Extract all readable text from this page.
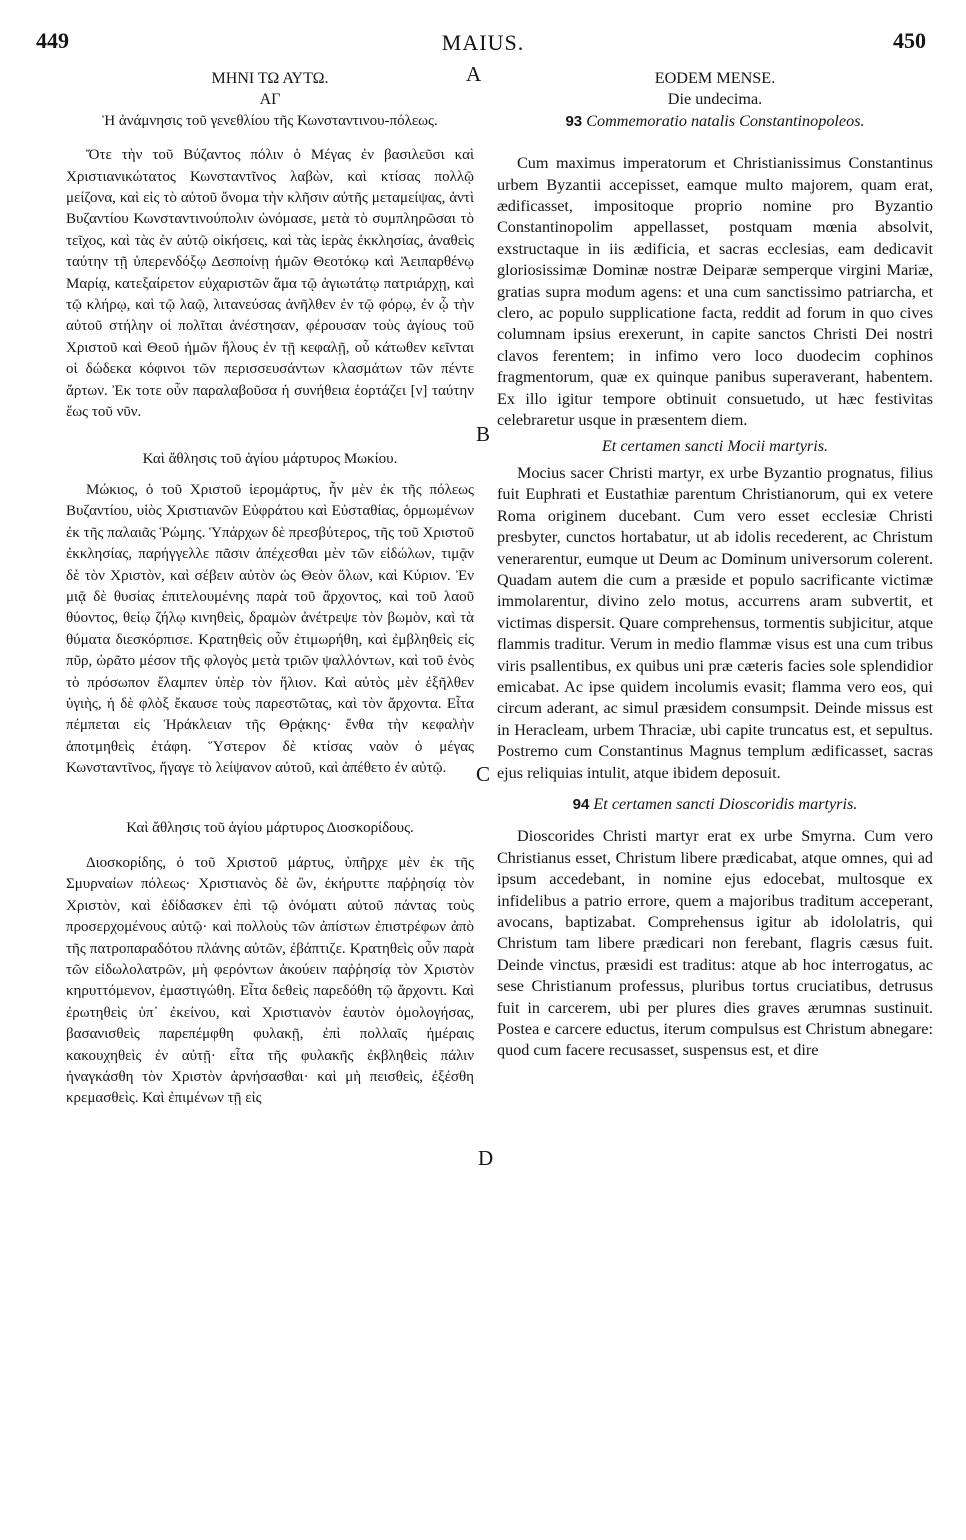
449	MAIUS.	450
A
B
C
D

ΜΗΝΙ ΤΩ ΑΥΤΩ.

ΑΓ

Ἡ ἀνάμνησις τοῦ γενεθλίου τῆς Κωνσταντινου-πόλεως.

Ὅτε τὴν τοῦ Βύζαντος πόλιν ὁ Μέγας ἐν βασιλεῦσι καὶ Χριστιανικώτατος Κωνσταντῖνος λαβὼν, καὶ κτίσας πολλῷ μείζονα, καὶ εἰς τὸ αὐτοῦ ὄνομα τὴν κλῆσιν αὐτῆς μεταμείψας, ἀντὶ Βυζαντίου Κωνσταντινούπολιν ὠνόμασε, μετὰ τὸ συμπληρῶσαι τὸ τεῖχος, καὶ τὰς ἐν αὐτῷ οἰκήσεις, καὶ τὰς ἱερὰς ἐκκλησίας, ἀναθεὶς ταύτην τῇ ὑπερενδόξῳ Δεσποίνῃ ἡμῶν Θεοτόκῳ καὶ Ἀειπαρθένῳ Μαρίᾳ, κατεξαίρετον εὐχαριστῶν ἅμα τῷ ἁγιωτάτῳ πατριάρχῃ, καὶ τῷ κλήρῳ, καὶ τῷ λαῷ, λιτανεύσας ἀνῆλθεν ἐν τῷ φόρῳ, ἐν ᾧ τὴν αὐτοῦ στήλην οἱ πολῖται ἀνέστησαν, φέρουσαν τοὺς ἁγίους τοῦ Χριστοῦ καὶ Θεοῦ ἡμῶν ἥλους ἐν τῇ κεφαλῇ, οὗ κάτωθεν κεῖνται οἱ δώδεκα κόφινοι τῶν περισσευσάντων κλασμάτων τῶν πέντε ἄρτων. Ἐκ τοτε οὖν παραλαβοῦσα ἡ συνήθεια ἑορτάζει [ν] ταύτην ἕως τοῦ νῦν.

Καὶ ἄθλησις τοῦ ἁγίου μάρτυρος Μωκίου.

Μώκιος, ὁ τοῦ Χριστοῦ ἱερομάρτυς, ἦν μὲν ἐκ τῆς πόλεως Βυζαντίου, υἱὸς Χριστιανῶν Εὐφράτου καὶ Εὐσταθίας, ὁρμωμένων ἐκ τῆς παλαιᾶς Ῥώμης. Ὑπάρχων δὲ πρεσβύτερος, τῆς τοῦ Χριστοῦ ἐκκλησίας, παρήγγελλε πᾶσιν ἀπέχεσθαι μὲν τῶν εἰδώλων, τιμᾷν δὲ τὸν Χριστὸν, καὶ σέβειν αὐτὸν ὡς Θεὸν ὅλων, καὶ Κύριον. Ἐν μιᾷ δὲ θυσίας ἐπιτελουμένης παρὰ τοῦ ἄρχοντος, καὶ τοῦ λαοῦ θύοντος, θείῳ ζήλῳ κινηθεὶς, δραμὼν ἀνέτρεψε τὸν βωμὸν, καὶ τὰ θύματα διεσκόρπισε. Κρατηθεὶς οὖν ἐτιμωρήθη, καὶ ἐμβληθεὶς εἰς πῦρ, ὡρᾶτο μέσον τῆς φλογὸς μετὰ τριῶν ψαλλόντων, καὶ τοῦ ἑνὸς τὸ πρόσωπον ἔλαμπεν ὑπὲρ τὸν ἥλιον. Καὶ αὐτὸς μὲν ἐξῆλθεν ὑγιὴς, ἡ δὲ φλὸξ ἔκαυσε τοὺς παρεστῶτας, καὶ τὸν ἄρχοντα. Εἶτα πέμπεται εἰς Ἡράκλειαν τῆς Θρᾴκης· ἔνθα τὴν κεφαλὴν ἀποτμηθεὶς ἐτάφη. Ὕστερον δὲ κτίσας ναὸν ὁ μέγας Κωνσταντῖνος, ἤγαγε τὸ λείψανον αὐτοῦ, καὶ ἀπέθετο ἐν αὐτῷ.

Καὶ ἄθλησις τοῦ ἁγίου μάρτυρος Διοσκορίδους.

Διοσκορίδης, ὁ τοῦ Χριστοῦ μάρτυς, ὑπῆρχε μὲν ἐκ τῆς Σμυρναίων πόλεως· Χριστιανὸς δὲ ὢν, ἐκήρυττε παῤῥησίᾳ τὸν Χριστὸν, καὶ ἐδίδασκεν ἐπὶ τῷ ὀνόματι αὐτοῦ πάντας τοὺς προσερχομένους αὐτῷ· καὶ πολλοὺς τῶν ἀπίστων ἐπιστρέφων ἀπὸ τῆς πατροπαραδότου πλάνης αὐτῶν, ἐβάπτιζε. Κρατηθεὶς οὖν παρὰ τῶν εἰδωλολατρῶν, μὴ φερόντων ἀκούειν παῤῥησίᾳ τὸν Χριστὸν κηρυττόμενον, ἐμαστιγώθη. Εἶτα δεθεὶς παρεδόθη τῷ ἄρχοντι. Καὶ ἐρωτηθεὶς ὑπ᾽ ἐκείνου, καὶ Χριστιανὸν ἑαυτὸν ὁμολογήσας, βασανισθεὶς παρεπέμφθη φυλακῇ, ἐπὶ πολλαῖς ἡμέραις κακουχηθεὶς ἐν αὐτῇ· εἶτα τῆς φυλακῆς ἐκβληθεὶς πάλιν ἠναγκάσθη τὸν Χριστὸν ἀρνήσασθαι· καὶ μὴ πεισθεὶς, ἐξέσθη κρεμασθεὶς. Καὶ ἐπιμένων τῇ εἰς

EODEM MENSE.

Die undecima.

93 Commemoratio natalis Constantinopoleos.

Cum maximus imperatorum et Christianissimus Constantinus urbem Byzantii accepisset, eamque multo majorem, quam erat, ædificasset, impositoque proprio nomine pro Byzantio Constantinopolim appellasset, postquam mœnia absolvit, exstructaque in iis ædificia, et sacras ecclesias, eam dedicavit gloriosissimæ Dominæ nostræ Deiparæ semperque virgini Mariæ, gratias supra modum agens: et una cum sanctissimo patriarcha, et clero, ac populo supplicatione facta, reddit ad forum in quo cives columnam ipsius erexerunt, in capite sanctos Christi Dei nostri clavos ferentem; in infimo vero loco duodecim cophinos fragmentorum, quæ ex quinque panibus superaverant, habentem. Ex illo igitur tempore obtinuit consuetudo, ut hæc festivitas celebraretur usque in præsentem diem.

Et certamen sancti Mocii martyris.

Mocius sacer Christi martyr, ex urbe Byzantio prognatus, filius fuit Euphrati et Eustathiæ parentum Christianorum, qui ex vetere Roma originem ducebant. Cum vero esset ecclesiæ Christi presbyter, cunctos hortabatur, ut ab idolis recederent, ac Christum venerarentur, eumque ut Deum ac Dominum universorum colerent. Quadam autem die cum a præside et populo sacrificante victimæ immolarentur, divino zelo motus, accurrens aram subvertit, et victimas dispersit. Quare comprehensus, tormentis subjicitur, atque flammis traditur. Verum in medio flammæ visus est una cum tribus viris psallentibus, ex quibus uni præ cæteris facies sole splendidior emicabat. Ac ipse quidem incolumis evasit; flamma vero eos, qui circum aderant, ac simul præsidem consumpsit. Deinde missus est in Heracleam, urbem Thraciæ, ubi capite truncatus est, et sepultus. Postremo cum Constantinus Magnus templum ædificasset, sacras ejus reliquias intulit, atque ibidem deposuit.

94 Et certamen sancti Dioscoridis martyris.

Dioscorides Christi martyr erat ex urbe Smyrna. Cum vero Christianus esset, Christum libere prædicabat, atque omnes, qui ad ipsum accedebant, in nomine ejus edocebat, multosque ex infidelibus a patrio errore, quem a majoribus traditum acceperant, avocans, baptizabat. Comprehensus igitur ab idololatris, qui Christum tam libere prædicari non ferebant, flagris cæsus fuit. Deinde vinctus, præsidi est traditus: atque ab hoc interrogatus, ac sese Christianum professus, pluribus tortus cruciatibus, detrusus fuit in carcerem, ubi per plures dies graves ærumnas sustinuit. Postea e carcere eductus, iterum compulsus est Christum abnegare: quod cum facere recusasset, suspensus est, et dire
